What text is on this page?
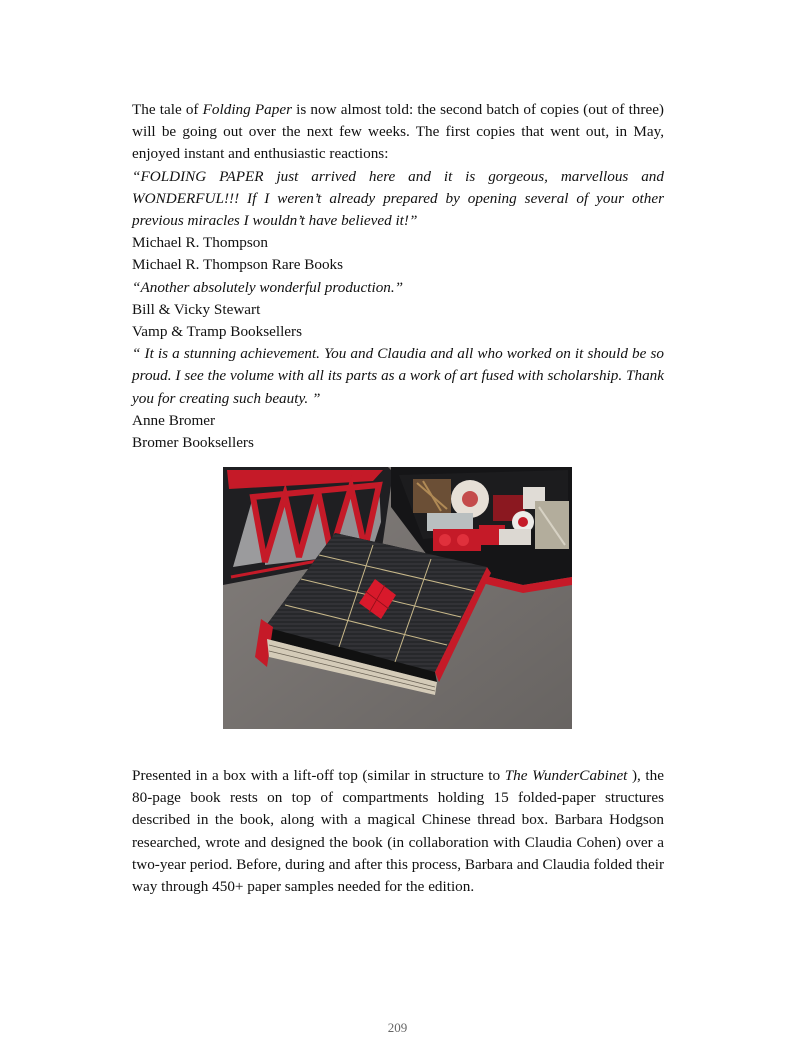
The tale of Folding Paper is now almost told: the second batch of copies (out of three) will be going out over the next few weeks. The first copies that went out, in May, enjoyed instant and enthusiastic reactions:

“FOLDING PAPER just arrived here and it is gorgeous, marvellous and WONDERFUL!!! If I weren’t already prepared by opening several of your other previous miracles I wouldn’t have believed it!”

Michael R. Thompson

Michael R. Thompson Rare Books

“Another absolutely wonderful production.”

Bill & Vicky Stewart

Vamp & Tramp Booksellers

“ It is a stunning achievement. You and Claudia and all who worked on it should be so proud. I see the volume with all its parts as a work of art fused with scholarship. Thank you for creating such beauty. ”

Anne Bromer

Bromer Booksellers

Presented in a box with a lift-off top (similar in structure to The WunderCabinet ), the 80-page book rests on top of compartments holding 15 folded-paper structures described in the book, along with a magical Chinese thread box. Barbara Hodgson researched, wrote and designed the book (in collaboration with Claudia Cohen) over a two-year period. Before, during and after this process, Barbara and Claudia folded their way through 450+ paper samples needed for the edition.

209
